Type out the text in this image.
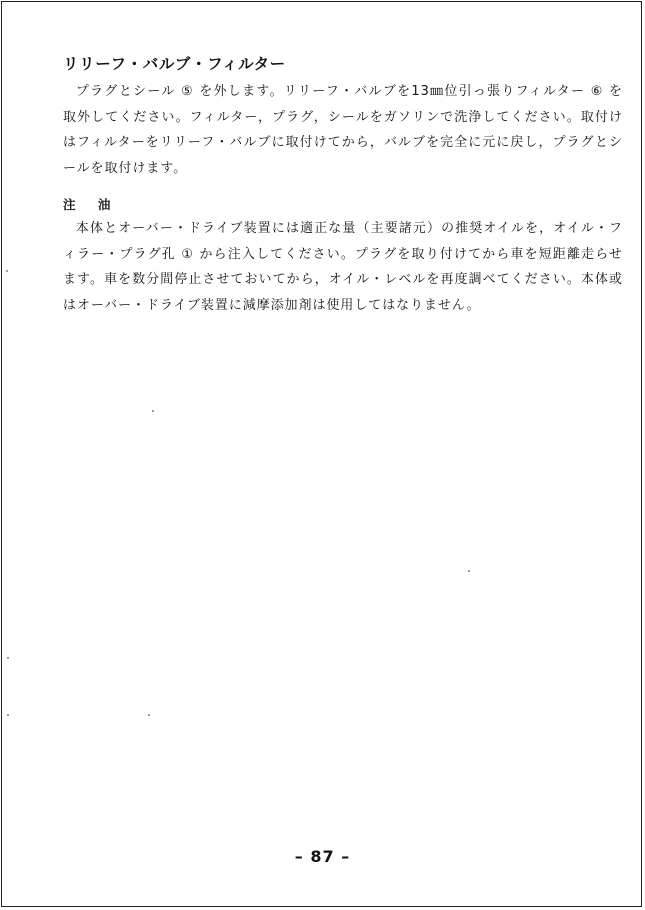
リリーフ・バルブ・フィルター

プラグとシール ⑤ を外します。リリーフ・バルブを13㎜位引っ張りフィルター ⑥ を取外してください。フィルター，プラグ，シールをガソリンで洗浄してください。取付けはフィルターをリリーフ・バルブに取付けてから，バルブを完全に元に戻し，プラグとシールを取付けます。

注 油

本体とオーバー・ドライブ装置には適正な量（主要諸元）の推奨オイルを，オイル・フィラー・プラグ孔 ① から注入してください。プラグを取り付けてから車を短距離走らせます。車を数分間停止させておいてから，オイル・レベルを再度調べてください。本体或はオーバー・ドライブ装置に減摩添加剤は使用してはなりません。

– 87 –
